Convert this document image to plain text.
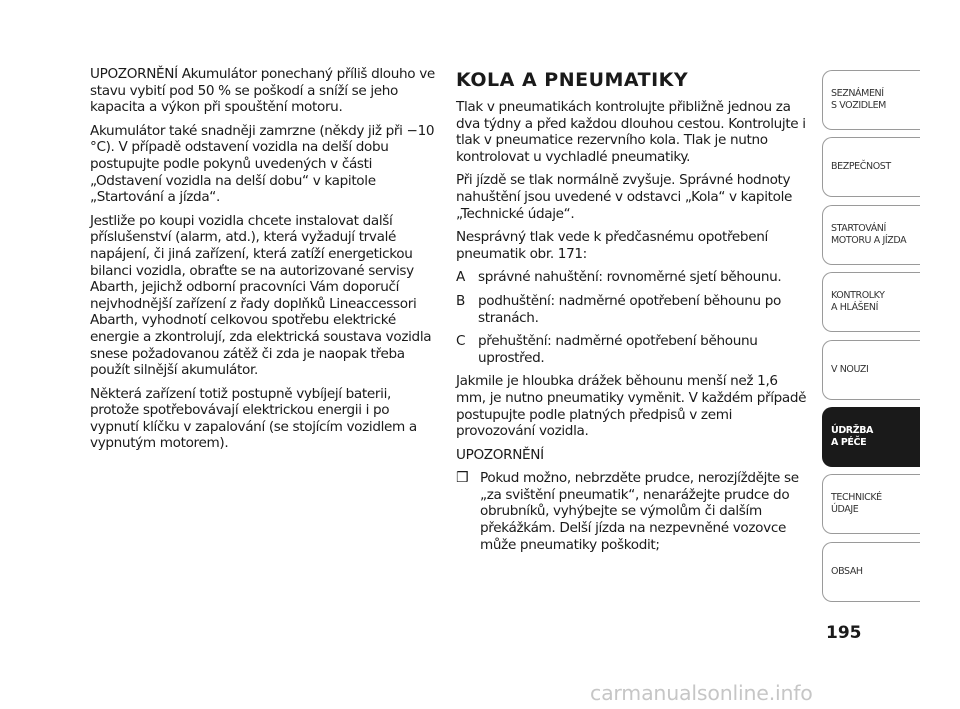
UPOZORNĚNÍ Akumulátor ponechaný příliš dlouho ve stavu vybití pod 50 % se poškodí a sníží se jeho kapacita a výkon při spouštění motoru.

Akumulátor také snadněji zamrzne (někdy již při −10 °C). V případě odstavení vozidla na delší dobu postupujte podle pokynů uvedených v části „Odstavení vozidla na delší dobu“ v kapitole „Startování a jízda“.

Jestliže po koupi vozidla chcete instalovat další příslušenství (alarm, atd.), která vyžadují trvalé napájení, či jiná zařízení, která zatíží energetickou bilanci vozidla, obraťte se na autorizované servisy Abarth, jejichž odborní pracovníci Vám doporučí nejvhodnější zařízení z řady doplňků Lineaccessori Abarth, vyhodnotí celkovou spotřebu elektrické energie a zkontrolují, zda elektrická soustava vozidla snese požadovanou zátěž či zda je naopak třeba použít silnější akumulátor.

Některá zařízení totiž postupně vybíjejí baterii, protože spotřebovávají elektrickou energii i po vypnutí klíčku v zapalování (se stojícím vozidlem a vypnutým motorem).

KOLA A PNEUMATIKY

Tlak v pneumatikách kontrolujte přibližně jednou za dva týdny a před každou dlouhou cestou. Kontrolujte i tlak v pneumatice rezervního kola. Tlak je nutno kontrolovat u vychladlé pneumatiky.

Při jízdě se tlak normálně zvyšuje. Správné hodnoty nahuštění jsou uvedené v odstavci „Kola“ v kapitole „Technické údaje“.

Nesprávný tlak vede k předčasnému opotřebení pneumatik obr. 171:

A správné nahuštění: rovnoměrné sjetí běhounu.
B podhuštění: nadměrné opotřebení běhounu po stranách.
C přehuštění: nadměrné opotřebení běhounu uprostřed.

Jakmile je hloubka drážek běhounu menší než 1,6 mm, je nutno pneumatiky vyměnit. V každém případě postupujte podle platných předpisů v zemi provozování vozidla.

UPOZORNĚNÍ

❒ Pokud možno, nebrzděte prudce, nerozjíždějte se „za svištění pneumatik“, nenarážejte prudce do obrubníků, vyhýbejte se výmolům či dalším překážkám. Delší jízda na nezpevněné vozovce může pneumatiky poškodit;
SEZNÁMENÍ
S VOZIDLEM
BEZPEČNOST
STARTOVÁNÍ
MOTORU A JÍZDA
KONTROLKY
A HLÁŠENÍ
V NOUZI
ÚDRŽBA
A PÉČE
TECHNICKÉ
ÚDAJE
OBSAH
195
carmanualsonline.info
